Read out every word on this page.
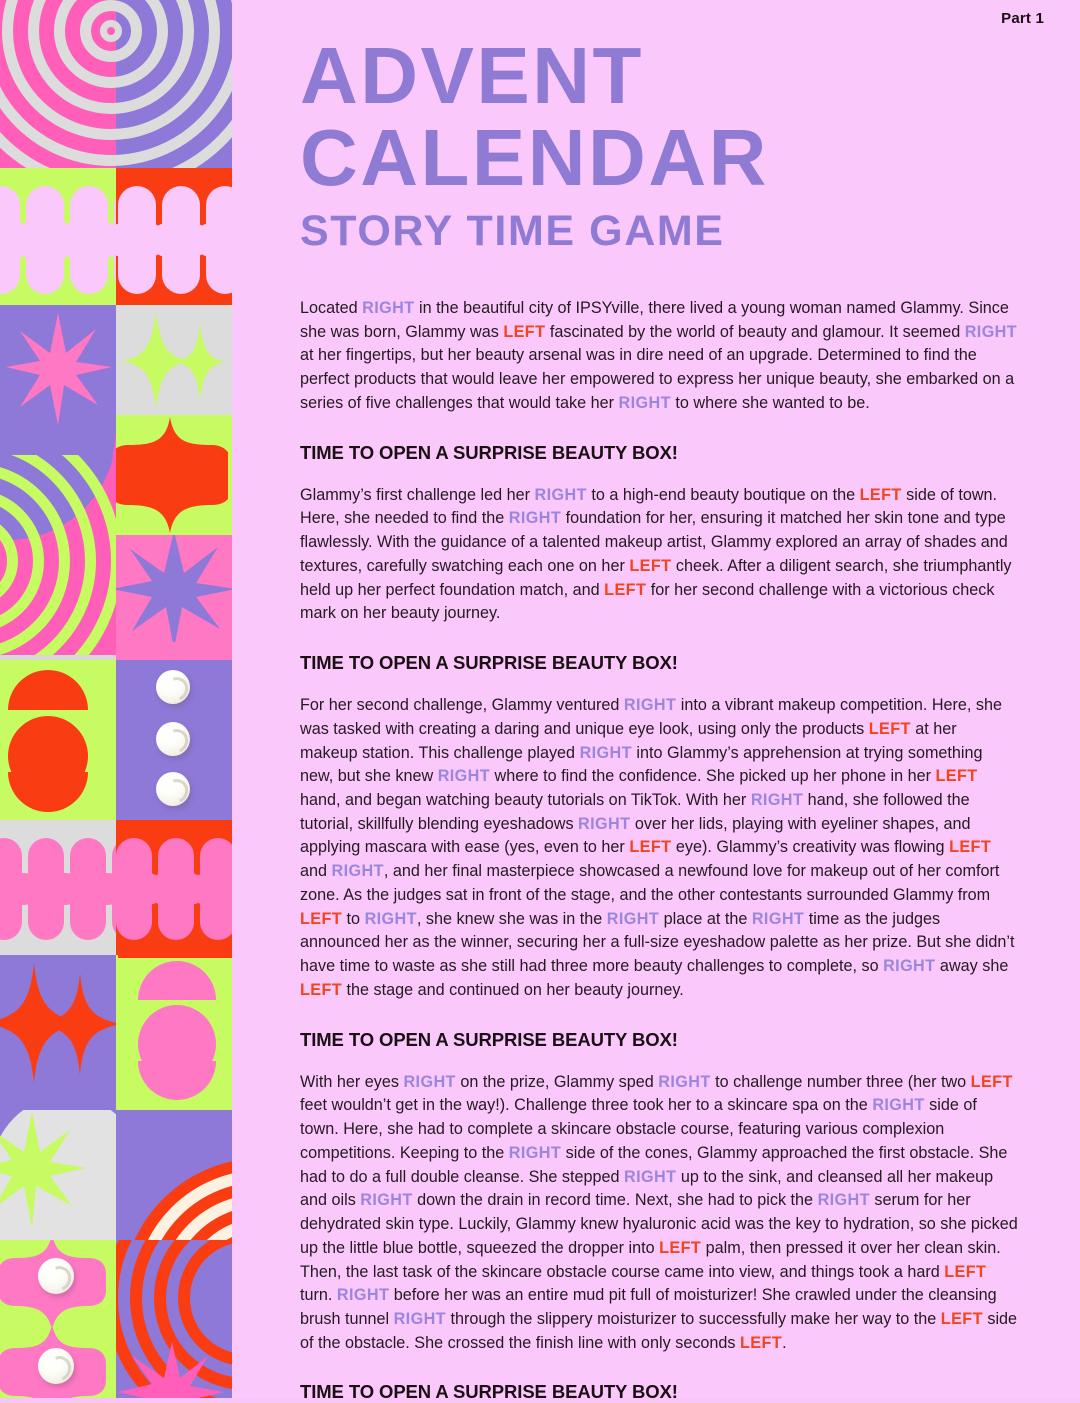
Part 1
ADVENT
CALENDAR
STORY TIME GAME

Located RIGHT in the beautiful city of IPSYville, there lived a young woman named Glammy. Since she was born, Glammy was LEFT fascinated by the world of beauty and glamour. It seemed RIGHT at her fingertips, but her beauty arsenal was in dire need of an upgrade. Determined to find the perfect products that would leave her empowered to express her unique beauty, she embarked on a series of five challenges that would take her RIGHT to where she wanted to be.

TIME TO OPEN A SURPRISE BEAUTY BOX!

Glammy’s first challenge led her RIGHT to a high-end beauty boutique on the LEFT side of town. Here, she needed to find the RIGHT foundation for her, ensuring it matched her skin tone and type flawlessly. With the guidance of a talented makeup artist, Glammy explored an array of shades and textures, carefully swatching each one on her LEFT cheek. After a diligent search, she triumphantly held up her perfect foundation match, and LEFT for her second challenge with a victorious check mark on her beauty journey.

TIME TO OPEN A SURPRISE BEAUTY BOX!

For her second challenge, Glammy ventured RIGHT into a vibrant makeup competition. Here, she was tasked with creating a daring and unique eye look, using only the products LEFT at her makeup station. This challenge played RIGHT into Glammy’s apprehension at trying something new, but she knew RIGHT where to find the confidence. She picked up her phone in her LEFT hand, and began watching beauty tutorials on TikTok. With her RIGHT hand, she followed the tutorial, skillfully blending eyeshadows RIGHT over her lids, playing with eyeliner shapes, and applying mascara with ease (yes, even to her LEFT eye). Glammy’s creativity was flowing LEFT and RIGHT, and her final masterpiece showcased a newfound love for makeup out of her comfort zone. As the judges sat in front of the stage, and the other contestants surrounded Glammy from LEFT to RIGHT, she knew she was in the RIGHT place at the RIGHT time as the judges announced her as the winner, securing her a full-size eyeshadow palette as her prize. But she didn’t have time to waste as she still had three more beauty challenges to complete, so RIGHT away she LEFT the stage and continued on her beauty journey.

TIME TO OPEN A SURPRISE BEAUTY BOX!

With her eyes RIGHT on the prize, Glammy sped RIGHT to challenge number three (her two LEFT feet wouldn’t get in the way!). Challenge three took her to a skincare spa on the RIGHT side of town. Here, she had to complete a skincare obstacle course, featuring various complexion competitions. Keeping to the RIGHT side of the cones, Glammy approached the first obstacle. She had to do a full double cleanse. She stepped RIGHT up to the sink, and cleansed all her makeup and oils RIGHT down the drain in record time. Next, she had to pick the RIGHT serum for her dehydrated skin type. Luckily, Glammy knew hyaluronic acid was the key to hydration, so she picked up the little blue bottle, squeezed the dropper into LEFT palm, then pressed it over her clean skin. Then, the last task of the skincare obstacle course came into view, and things took a hard LEFT turn. RIGHT before her was an entire mud pit full of moisturizer! She crawled under the cleansing brush tunnel RIGHT through the slippery moisturizer to successfully make her way to the LEFT side of the obstacle. She crossed the finish line with only seconds LEFT.

TIME TO OPEN A SURPRISE BEAUTY BOX!
